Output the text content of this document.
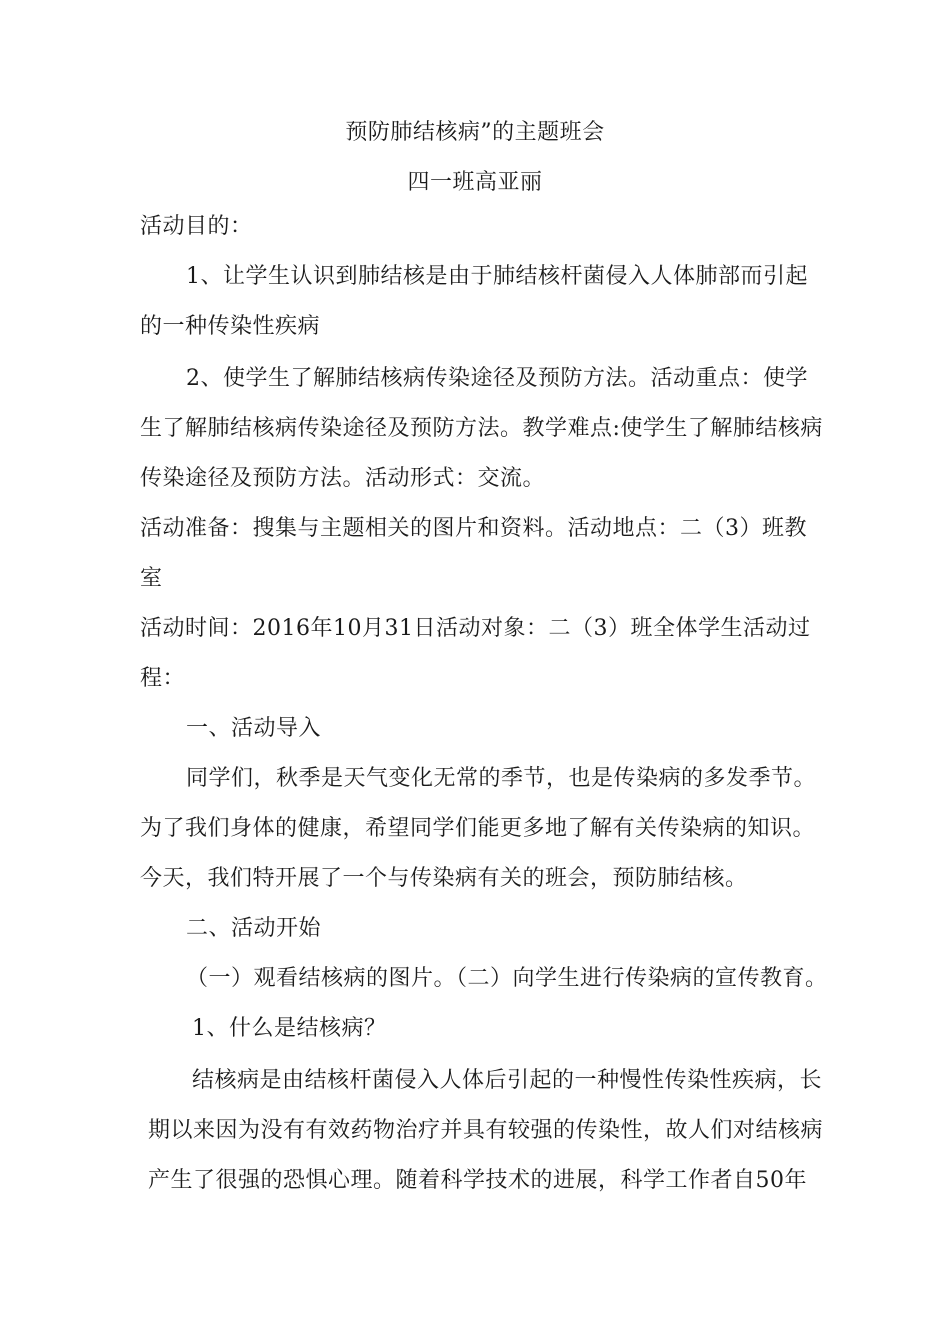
预防肺结核病”的主题班会
四一班高亚丽
活动目的：
1、让学生认识到肺结核是由于肺结核杆菌侵入人体肺部而引起
的一种传染性疾病
2、使学生了解肺结核病传染途径及预防方法。活动重点：使学
生了解肺结核病传染途径及预防方法。教学难点:使学生了解肺结核病
传染途径及预防方法。活动形式：交流。
活动准备：搜集与主题相关的图片和资料。活动地点：二（3）班教
室
活动时间：2016年10月31日活动对象：二（3）班全体学生活动过
程：
一、活动导入
同学们，秋季是天气变化无常的季节，也是传染病的多发季节。
为了我们身体的健康，希望同学们能更多地了解有关传染病的知识。
今天，我们特开展了一个与传染病有关的班会，预防肺结核。
二、活动开始
（一）观看结核病的图片。（二）向学生进行传染病的宣传教育。
1、什么是结核病？
结核病是由结核杆菌侵入人体后引起的一种慢性传染性疾病，长
期以来因为没有有效药物治疗并具有较强的传染性，故人们对结核病
产生了很强的恐惧心理。随着科学技术的进展，科学工作者自50年
